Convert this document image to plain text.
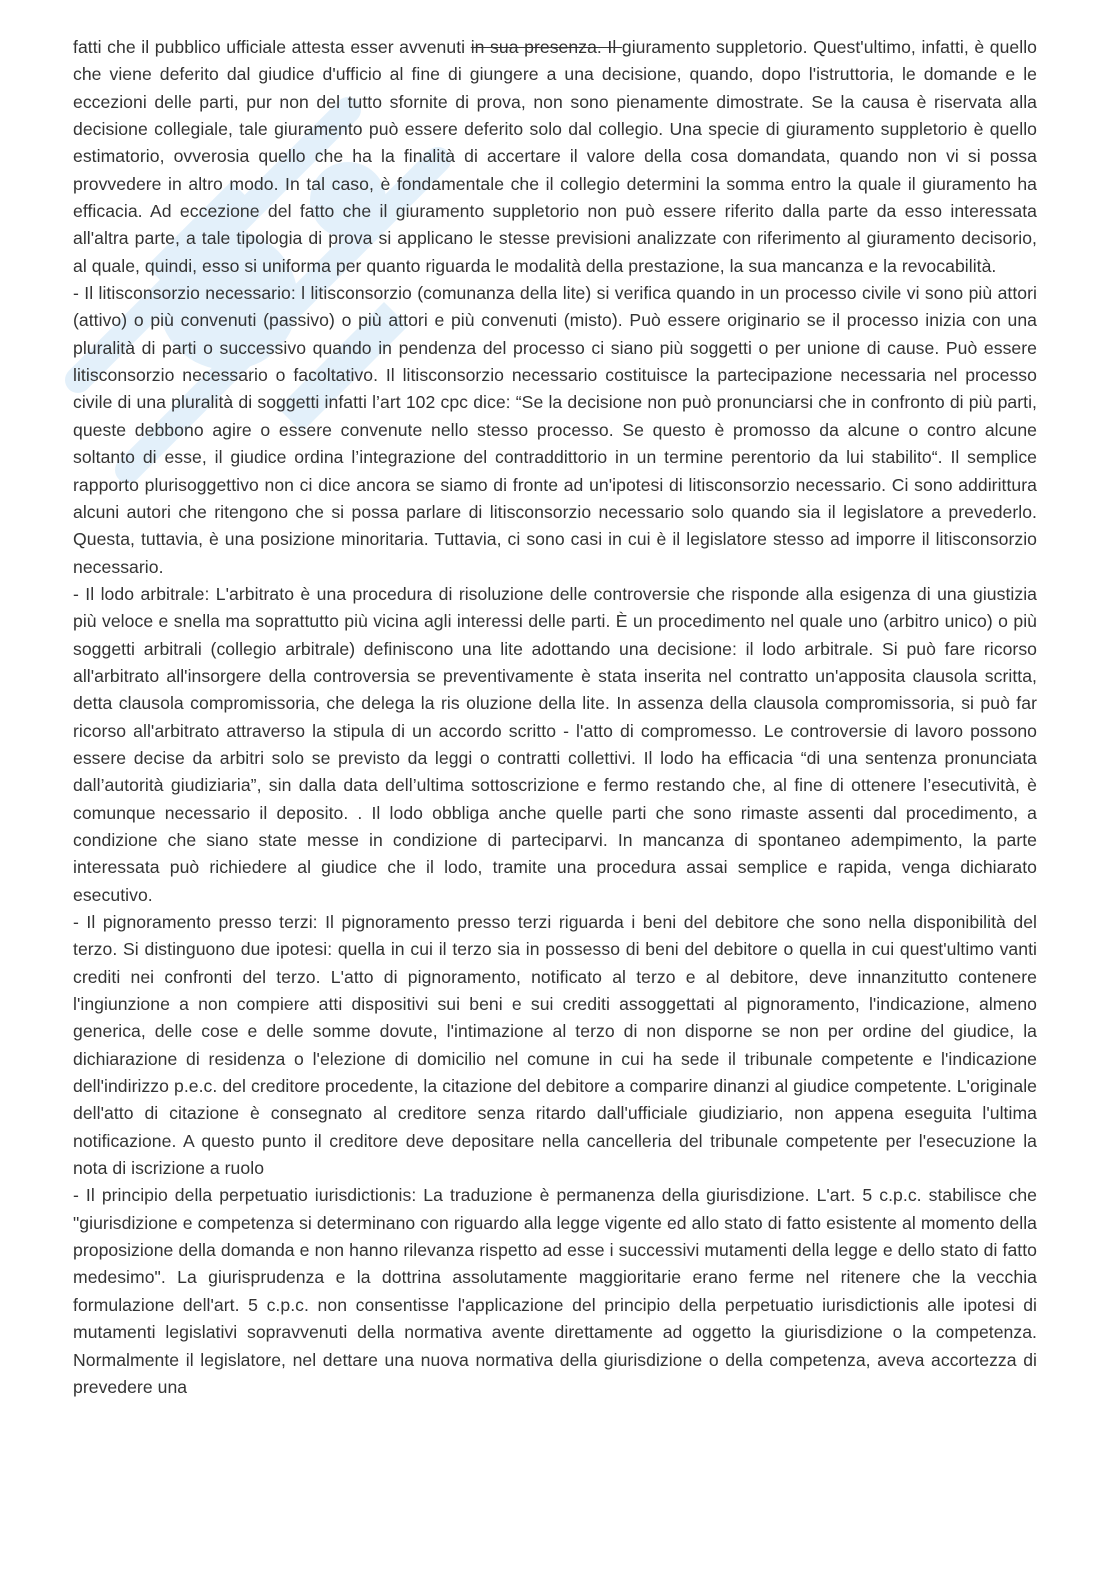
fatti che il pubblico ufficiale attesta esser avvenuti in sua presenza. Il giuramento suppletorio. Quest'ultimo, infatti, è quello che viene deferito dal giudice d'ufficio al fine di giungere a una decisione, quando, dopo l'istruttoria, le domande e le eccezioni delle parti, pur non del tutto sfornite di prova, non sono pienamente dimostrate. Se la causa è riservata alla decisione collegiale, tale giuramento può essere deferito solo dal collegio. Una specie di giuramento suppletorio è quello estimatorio, ovverosia quello che ha la finalità di accertare il valore della cosa domandata, quando non vi si possa provvedere in altro modo. In tal caso, è fondamentale che il collegio determini la somma entro la quale il giuramento ha efficacia. Ad eccezione del fatto che il giuramento suppletorio non può essere riferito dalla parte da esso interessata all'altra parte, a tale tipologia di prova si applicano le stesse previsioni analizzate con riferimento al giuramento decisorio, al quale, quindi, esso si uniforma per quanto riguarda le modalità della prestazione, la sua mancanza e la revocabilità.

- Il litisconsorzio necessario: l litisconsorzio (comunanza della lite) si verifica quando in un processo civile vi sono più attori (attivo) o più convenuti (passivo) o più attori e più convenuti (misto). Può essere originario se il processo inizia con una pluralità di parti o successivo quando in pendenza del processo ci siano più soggetti o per unione di cause. Può essere litisconsorzio necessario o facoltativo. Il litisconsorzio necessario costituisce la partecipazione necessaria nel processo civile di una pluralità di soggetti infatti l’art 102 cpc dice: “Se la decisione non può pronunciarsi che in confronto di più parti, queste debbono agire o essere convenute nello stesso processo. Se questo è promosso da alcune o contro alcune soltanto di esse, il giudice ordina l’integrazione del contraddittorio in un termine perentorio da lui stabilito“. Il semplice rapporto plurisoggettivo non ci dice ancora se siamo di fronte ad un'ipotesi di litisconsorzio necessario. Ci sono addirittura alcuni autori che ritengono che si possa parlare di litisconsorzio necessario solo quando sia il legislatore a prevederlo. Questa, tuttavia, è una posizione minoritaria. Tuttavia, ci sono casi in cui è il legislatore stesso ad imporre il litisconsorzio necessario.

- Il lodo arbitrale: L'arbitrato è una procedura di risoluzione delle controversie che risponde alla esigenza di una giustizia più veloce e snella ma soprattutto più vicina agli interessi delle parti. È un procedimento nel quale uno (arbitro unico) o più soggetti arbitrali (collegio arbitrale) definiscono una lite adottando una decisione: il lodo arbitrale. Si può fare ricorso all'arbitrato all'insorgere della controversia se preventivamente è stata inserita nel contratto un'apposita clausola scritta, detta clausola compromissoria, che delega la ris oluzione della lite. In assenza della clausola compromissoria, si può far ricorso all'arbitrato attraverso la stipula di un accordo scritto - l'atto di compromesso. Le controversie di lavoro possono essere decise da arbitri solo se previsto da leggi o contratti collettivi. Il lodo ha efficacia “di una sentenza pronunciata dall’autorità giudiziaria”, sin dalla data dell’ultima sottoscrizione e fermo restando che, al fine di ottenere l’esecutività, è comunque necessario il deposito. . Il lodo obbliga anche quelle parti che sono rimaste assenti dal procedimento, a condizione che siano state messe in condizione di parteciparvi. In mancanza di spontaneo adempimento, la parte interessata può richiedere al giudice che il lodo, tramite una procedura assai semplice e rapida, venga dichiarato esecutivo.

- Il pignoramento presso terzi: Il pignoramento presso terzi riguarda i beni del debitore che sono nella disponibilità del terzo. Si distinguono due ipotesi: quella in cui il terzo sia in possesso di beni del debitore o quella in cui quest'ultimo vanti crediti nei confronti del terzo. L'atto di pignoramento, notificato al terzo e al debitore, deve innanzitutto contenere l'ingiunzione a non compiere atti dispositivi sui beni e sui crediti assoggettati al pignoramento, l'indicazione, almeno generica, delle cose e delle somme dovute, l'intimazione al terzo di non disporne se non per ordine del giudice, la dichiarazione di residenza o l'elezione di domicilio nel comune in cui ha sede il tribunale competente e l'indicazione dell'indirizzo p.e.c. del creditore procedente, la citazione del debitore a comparire dinanzi al giudice competente. L'originale dell'atto di citazione è consegnato al creditore senza ritardo dall'ufficiale giudiziario, non appena eseguita l'ultima notificazione. A questo punto il creditore deve depositare nella cancelleria del tribunale competente per l'esecuzione la nota di iscrizione a ruolo

- Il principio della perpetuatio iurisdictionis: La traduzione è permanenza della giurisdizione. L'art. 5 c.p.c. stabilisce che "giurisdizione e competenza si determinano con riguardo alla legge vigente ed allo stato di fatto esistente al momento della proposizione della domanda e non hanno rilevanza rispetto ad esse i successivi mutamenti della legge e dello stato di fatto medesimo". La giurisprudenza e la dottrina assolutamente maggioritarie erano ferme nel ritenere che la vecchia formulazione dell'art. 5 c.p.c. non consentisse l'applicazione del principio della perpetuatio iurisdictionis alle ipotesi di mutamenti legislativi sopravvenuti della normativa avente direttamente ad oggetto la giurisdizione o la competenza. Normalmente il legislatore, nel dettare una nuova normativa della giurisdizione o della competenza, aveva accortezza di prevedere una
